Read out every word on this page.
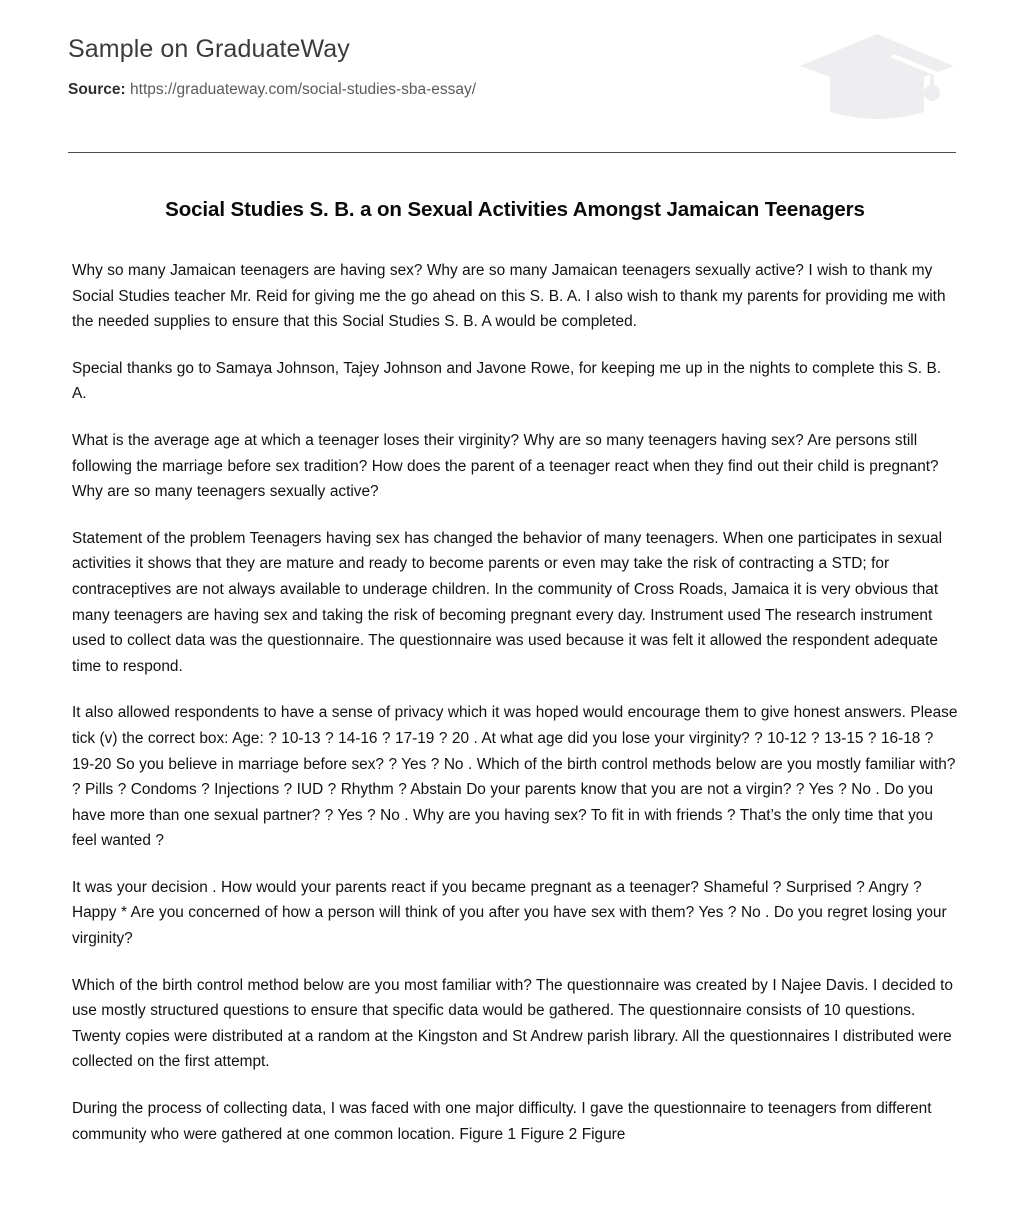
Sample on GraduateWay
Source: https://graduateway.com/social-studies-sba-essay/
Social Studies S. B. a on Sexual Activities Amongst Jamaican Teenagers

Why so many Jamaican teenagers are having sex? Why are so many Jamaican teenagers sexually active? I wish to thank my Social Studies teacher Mr. Reid for giving me the go ahead on this S. B. A. I also wish to thank my parents for providing me with the needed supplies to ensure that this Social Studies S. B. A would be completed.

Special thanks go to Samaya Johnson, Tajey Johnson and Javone Rowe, for keeping me up in the nights to complete this S. B. A.

What is the average age at which a teenager loses their virginity? Why are so many teenagers having sex? Are persons still following the marriage before sex tradition? How does the parent of a teenager react when they find out their child is pregnant? Why are so many teenagers sexually active?

Statement of the problem Teenagers having sex has changed the behavior of many teenagers. When one participates in sexual activities it shows that they are mature and ready to become parents or even may take the risk of contracting a STD; for contraceptives are not always available to underage children. In the community of Cross Roads, Jamaica it is very obvious that many teenagers are having sex and taking the risk of becoming pregnant every day. Instrument used The research instrument used to collect data was the questionnaire. The questionnaire was used because it was felt it allowed the respondent adequate time to respond.

It also allowed respondents to have a sense of privacy which it was hoped would encourage them to give honest answers. Please tick (v) the correct box: Age: ? 10-13 ? 14-16 ? 17-19 ? 20 . At what age did you lose your virginity? ? 10-12 ? 13-15 ? 16-18 ? 19-20 So you believe in marriage before sex? ? Yes ? No . Which of the birth control methods below are you mostly familiar with? ? Pills ? Condoms ? Injections ? IUD ? Rhythm ? Abstain Do your parents know that you are not a virgin? ? Yes ? No . Do you have more than one sexual partner? ? Yes ? No . Why are you having sex? To fit in with friends ? That’s the only time that you feel wanted ?

It was your decision . How would your parents react if you became pregnant as a teenager? Shameful ? Surprised ? Angry ? Happy * Are you concerned of how a person will think of you after you have sex with them? Yes ? No . Do you regret losing your virginity?

Which of the birth control method below are you most familiar with? The questionnaire was created by I Najee Davis. I decided to use mostly structured questions to ensure that specific data would be gathered. The questionnaire consists of 10 questions. Twenty copies were distributed at a random at the Kingston and St Andrew parish library. All the questionnaires I distributed were collected on the first attempt.

During the process of collecting data, I was faced with one major difficulty. I gave the questionnaire to teenagers from different community who were gathered at one common location. Figure 1 Figure 2 Figure
